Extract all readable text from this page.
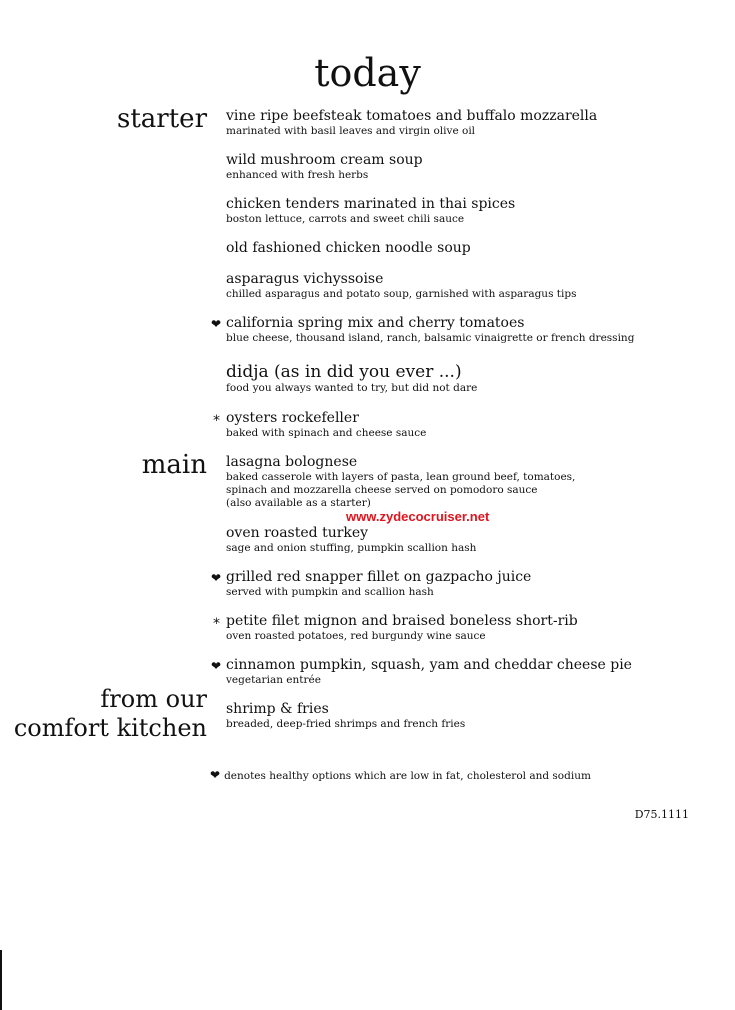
today
starter
main
from our
comfort kitchen
vine ripe beefsteak tomatoes and buffalo mozzarella
marinated with basil leaves and virgin olive oil
wild mushroom cream soup
enhanced with fresh herbs
chicken tenders marinated in thai spices
boston lettuce, carrots and sweet chili sauce
old fashioned chicken noodle soup
asparagus vichyssoise
chilled asparagus and potato soup, garnished with asparagus tips
❤ california spring mix and cherry tomatoes
blue cheese, thousand island, ranch, balsamic vinaigrette or french dressing
didja (as in did you ever ...)
food you always wanted to try, but did not dare
* oysters rockefeller
baked with spinach and cheese sauce
lasagna bolognese
baked casserole with layers of pasta, lean ground beef, tomatoes,
spinach and mozzarella cheese served on pomodoro sauce
(also available as a starter)
www.zydecocruiser.net
oven roasted turkey
sage and onion stuffing, pumpkin scallion hash
❤ grilled red snapper fillet on gazpacho juice
served with pumpkin and scallion hash
* petite filet mignon and braised boneless short-rib
oven roasted potatoes, red burgundy wine sauce
❤ cinnamon pumpkin, squash, yam and cheddar cheese pie
vegetarian entrée
shrimp & fries
breaded, deep-fried shrimps and french fries
❤ denotes healthy options which are low in fat, cholesterol and sodium
D75.1111
